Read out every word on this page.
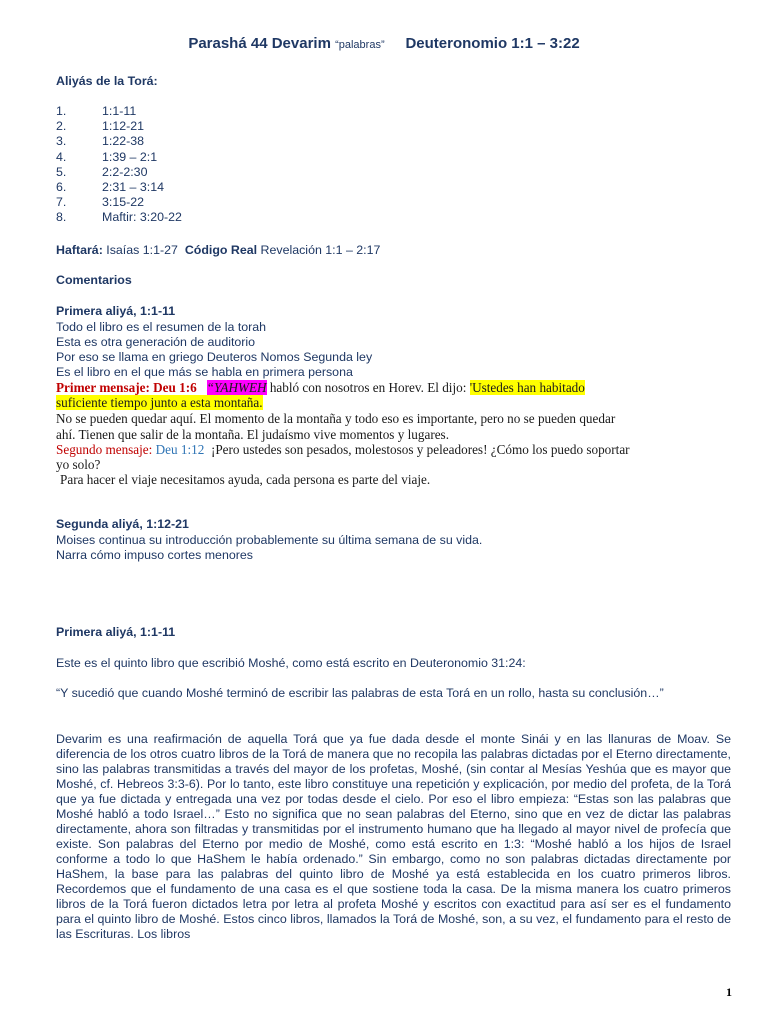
Parashá 44 Devarim “palabras” Deuteronomio 1:1 – 3:22
Aliyás de la Torá:
1.	1:1-11
2.	1:12-21
3.	1:22-38
4.	1:39 – 2:1
5.	2:2-2:30
6.	2:31 – 3:14
7.	3:15-22
8.	Maftir: 3:20-22
Haftará: Isaías 1:1-27 Código Real Revelación 1:1 – 2:17
Comentarios
Primera aliyá, 1:1-11
Todo el libro es el resumen de la torah
Esta es otra generación de auditorio
Por eso se llama en griego Deuteros Nomos Segunda ley
Es el libro en el que más se habla en primera persona
Primer mensaje: Deu 1:6 “YAHWEH habló con nosotros en Horev. El dijo: 'Ustedes han habitado
suficiente tiempo junto a esta montaña.
No se pueden quedar aquí. El momento de la montaña y todo eso es importante, pero no se pueden quedar
ahí. Tienen que salir de la montaña. El judaísmo vive momentos y lugares.
Segundo mensaje: Deu 1:12 ¡Pero ustedes son pesados, molestosos y peleadores! ¿Cómo los puedo soportar
yo solo?
Para hacer el viaje necesitamos ayuda, cada persona es parte del viaje.
Segunda aliyá, 1:12-21
Moises continua su introducción probablemente su última semana de su vida.
Narra cómo impuso cortes menores
Primera aliyá, 1:1-11
Este es el quinto libro que escribió Moshé, como está escrito en Deuteronomio 31:24:
“Y sucedió que cuando Moshé terminó de escribir las palabras de esta Torá en un rollo, hasta su conclusión…”
Devarim es una reafirmación de aquella Torá que ya fue dada desde el monte Sinái y en las llanuras de Moav. Se diferencia de los otros cuatro libros de la Torá de manera que no recopila las palabras dictadas por el Eterno directamente, sino las palabras transmitidas a través del mayor de los profetas, Moshé, (sin contar al Mesías Yeshúa que es mayor que Moshé, cf. Hebreos 3:3-6). Por lo tanto, este libro constituye una repetición y explicación, por medio del profeta, de la Torá que ya fue dictada y entregada una vez por todas desde el cielo. Por eso el libro empieza: “Estas son las palabras que Moshé habló a todo Israel…” Esto no significa que no sean palabras del Eterno, sino que en vez de dictar las palabras directamente, ahora son filtradas y transmitidas por el instrumento humano que ha llegado al mayor nivel de profecía que existe. Son palabras del Eterno por medio de Moshé, como está escrito en 1:3: “Moshé habló a los hijos de Israel conforme a todo lo que HaShem le había ordenado.” Sin embargo, como no son palabras dictadas directamente por HaShem, la base para las palabras del quinto libro de Moshé ya está establecida en los cuatro primeros libros. Recordemos que el fundamento de una casa es el que sostiene toda la casa. De la misma manera los cuatro primeros libros de la Torá fueron dictados letra por letra al profeta Moshé y escritos con exactitud para así ser es el fundamento para el quinto libro de Moshé. Estos cinco libros, llamados la Torá de Moshé, son, a su vez, el fundamento para el resto de las Escrituras. Los libros
1
